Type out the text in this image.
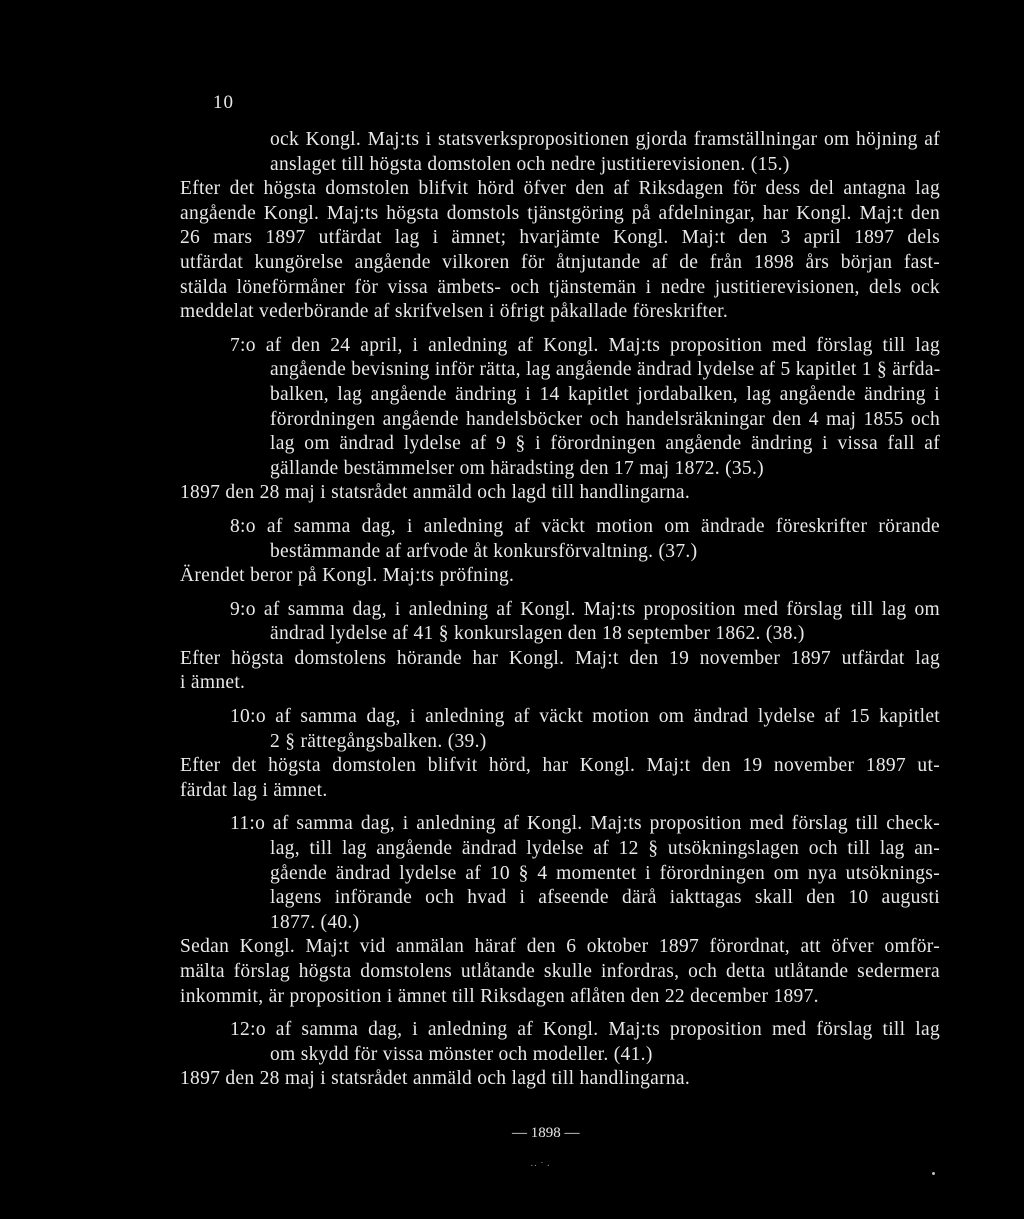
10
ock Kongl. Maj:ts i statsverkspropositionen gjorda framställningar om höjning af
anslaget till högsta domstolen och nedre justitierevisionen. (15.)
Efter det högsta domstolen blifvit hörd öfver den af Riksdagen för dess del antagna lag
angående Kongl. Maj:ts högsta domstols tjänstgöring på afdelningar, har Kongl. Maj:t den
26 mars 1897 utfärdat lag i ämnet; hvarjämte Kongl. Maj:t den 3 april 1897 dels
utfärdat kungörelse angående vilkoren för åtnjutande af de från 1898 års början fast-
stälda löneförmåner för vissa ämbets- och tjänstemän i nedre justitierevisionen, dels ock
meddelat vederbörande af skrifvelsen i öfrigt påkallade föreskrifter.
7:o af den 24 april, i anledning af Kongl. Maj:ts proposition med förslag till lag
angående bevisning inför rätta, lag angående ändrad lydelse af 5 kapitlet 1 § ärfda-
balken, lag angående ändring i 14 kapitlet jordabalken, lag angående ändring i
förordningen angående handelsböcker och handelsräkningar den 4 maj 1855 och
lag om ändrad lydelse af 9 § i förordningen angående ändring i vissa fall af
gällande bestämmelser om häradsting den 17 maj 1872. (35.)
1897 den 28 maj i statsrådet anmäld och lagd till handlingarna.
8:o af samma dag, i anledning af väckt motion om ändrade föreskrifter rörande
bestämmande af arfvode åt konkursförvaltning. (37.)
Ärendet beror på Kongl. Maj:ts pröfning.
9:o af samma dag, i anledning af Kongl. Maj:ts proposition med förslag till lag om
ändrad lydelse af 41 § konkurslagen den 18 september 1862. (38.)
Efter högsta domstolens hörande har Kongl. Maj:t den 19 november 1897 utfärdat lag
i ämnet.
10:o af samma dag, i anledning af väckt motion om ändrad lydelse af 15 kapitlet
2 § rättegångsbalken. (39.)
Efter det högsta domstolen blifvit hörd, har Kongl. Maj:t den 19 november 1897 ut-
färdat lag i ämnet.
11:o af samma dag, i anledning af Kongl. Maj:ts proposition med förslag till check-
lag, till lag angående ändrad lydelse af 12 § utsökningslagen och till lag an-
gående ändrad lydelse af 10 § 4 momentet i förordningen om nya utsöknings-
lagens införande och hvad i afseende därå iakttagas skall den 10 augusti
1877. (40.)
Sedan Kongl. Maj:t vid anmälan häraf den 6 oktober 1897 förordnat, att öfver omför-
mälta förslag högsta domstolens utlåtande skulle infordras, och detta utlåtande sedermera
inkommit, är proposition i ämnet till Riksdagen aflåten den 22 december 1897.
12:o af samma dag, i anledning af Kongl. Maj:ts proposition med förslag till lag
om skydd för vissa mönster och modeller. (41.)
1897 den 28 maj i statsrådet anmäld och lagd till handlingarna.
— 1898 —
·· ˙ ·
